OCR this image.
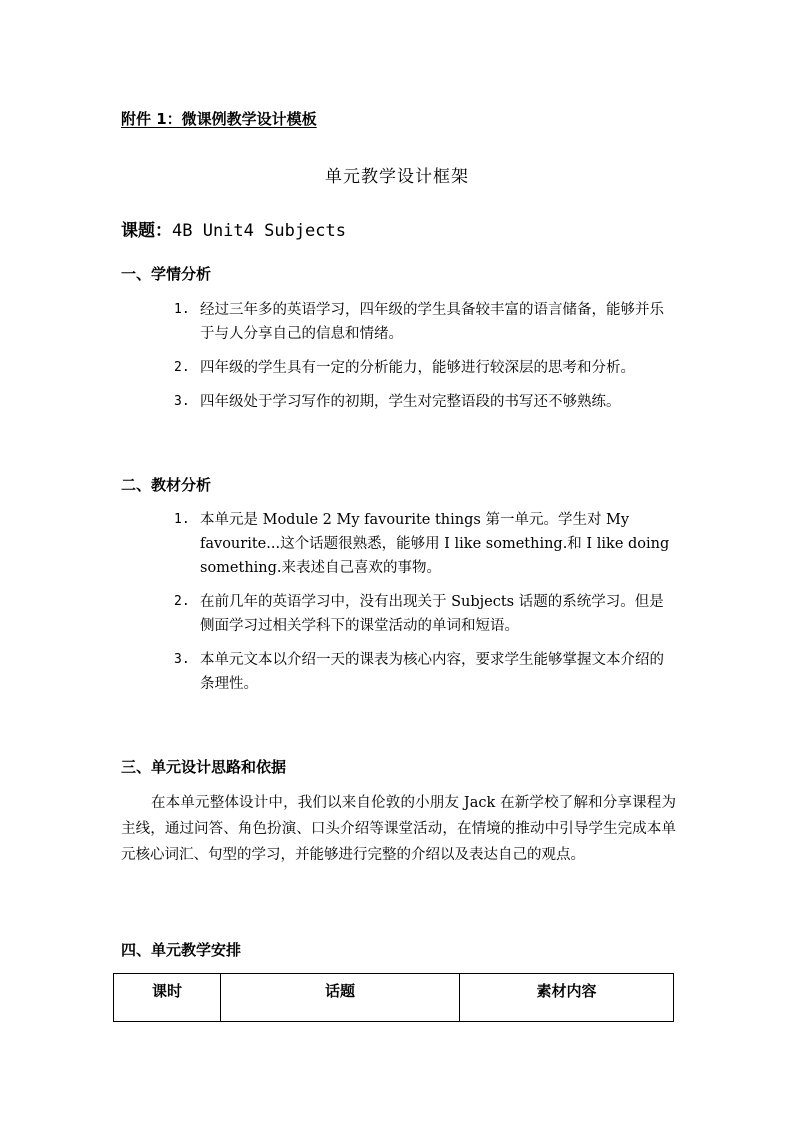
附件 1：微课例教学设计模板
单元教学设计框架
课题：4B Unit4 Subjects
一、学情分析
1. 经过三年多的英语学习，四年级的学生具备较丰富的语言储备，能够并乐于与人分享自己的信息和情绪。
2. 四年级的学生具有一定的分析能力，能够进行较深层的思考和分析。
3. 四年级处于学习写作的初期，学生对完整语段的书写还不够熟练。
二、教材分析
1. 本单元是 Module 2 My favourite things 第一单元。学生对 My favourite...这个话题很熟悉，能够用 I like something.和 I like doing something.来表述自己喜欢的事物。
2. 在前几年的英语学习中，没有出现关于 Subjects 话题的系统学习。但是侧面学习过相关学科下的课堂活动的单词和短语。
3. 本单元文本以介绍一天的课表为核心内容，要求学生能够掌握文本介绍的条理性。
三、单元设计思路和依据

在本单元整体设计中，我们以来自伦敦的小朋友 Jack 在新学校了解和分享课程为主线，通过问答、角色扮演、口头介绍等课堂活动，在情境的推动中引导学生完成本单元核心词汇、句型的学习，并能够进行完整的介绍以及表达自己的观点。

四、单元教学安排
课时	话题	素材内容
